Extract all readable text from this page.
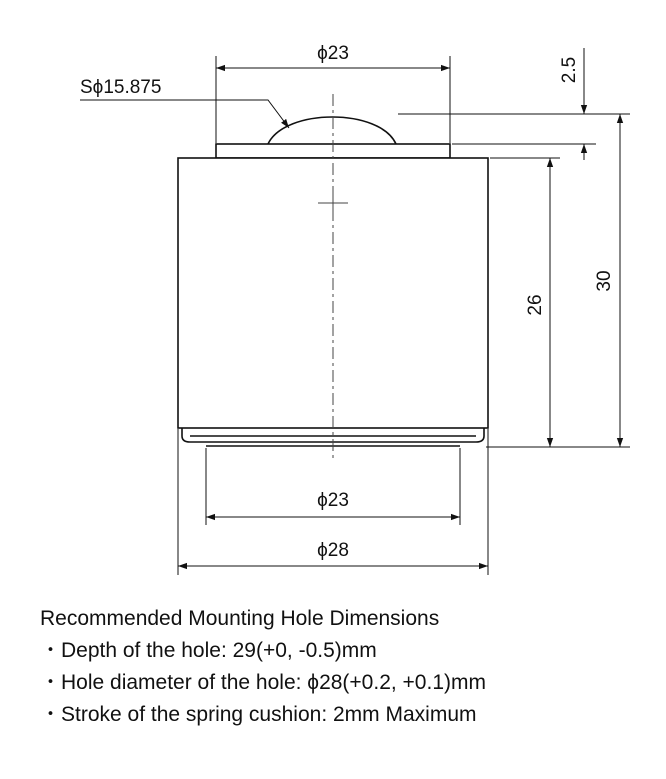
ϕ23
Sϕ15.875
2.5
26
30
ϕ23
ϕ28
Recommended Mounting Hole Dimensions
・Depth of the hole: 29(+0, -0.5)mm
・Hole diameter of the hole: ϕ28(+0.2, +0.1)mm
・Stroke of the spring cushion: 2mm Maximum
